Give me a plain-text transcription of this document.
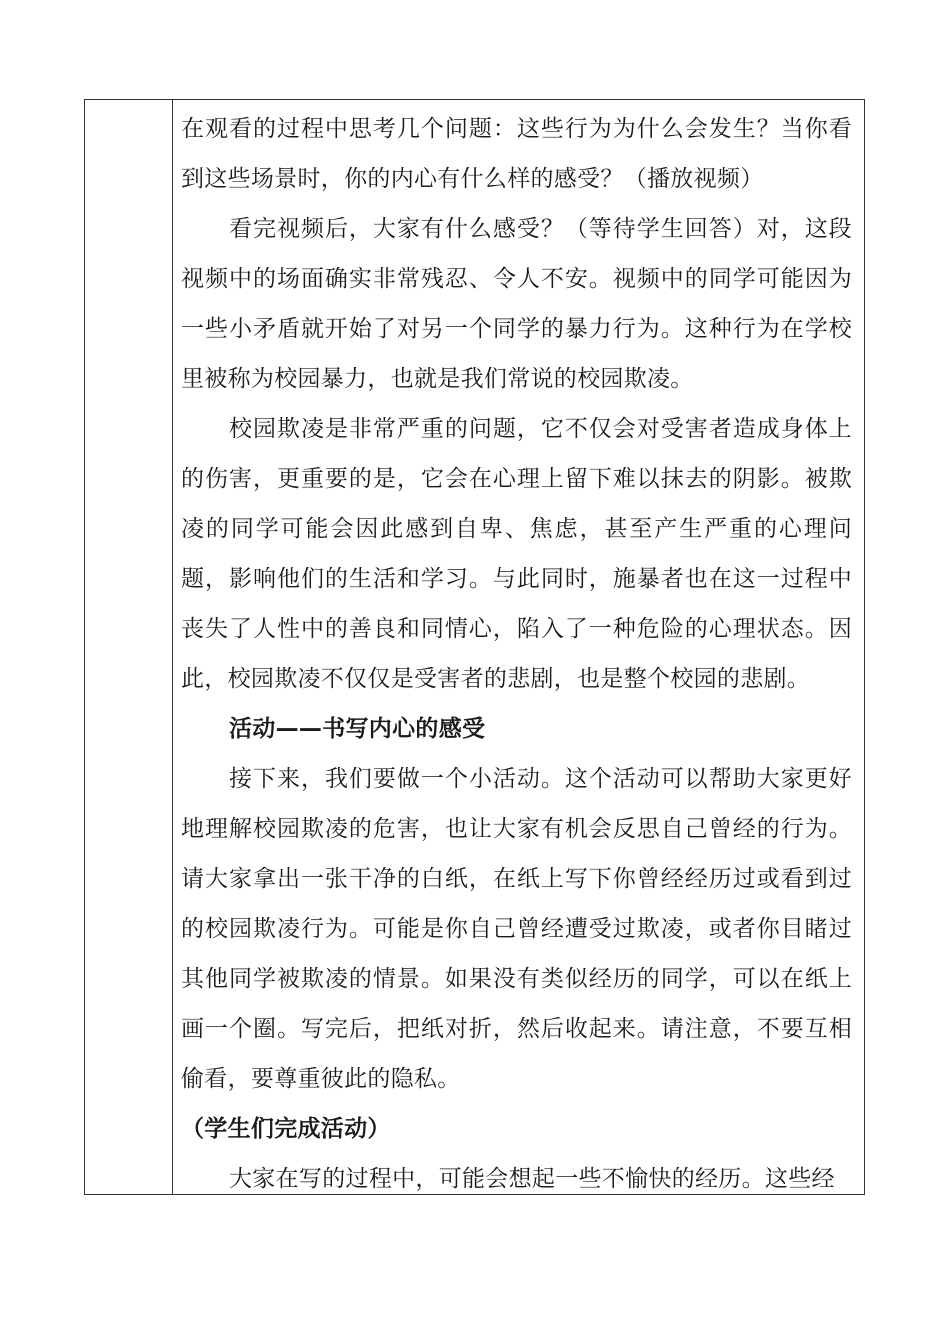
在观看的过程中思考几个问题：这些行为为什么会发生？当你看到这些场景时，你的内心有什么样的感受？（播放视频）

看完视频后，大家有什么感受？（等待学生回答）对，这段视频中的场面确实非常残忍、令人不安。视频中的同学可能因为一些小矛盾就开始了对另一个同学的暴力行为。这种行为在学校里被称为校园暴力，也就是我们常说的校园欺凌。

校园欺凌是非常严重的问题，它不仅会对受害者造成身体上的伤害，更重要的是，它会在心理上留下难以抹去的阴影。被欺凌的同学可能会因此感到自卑、焦虑，甚至产生严重的心理问题，影响他们的生活和学习。与此同时，施暴者也在这一过程中丧失了人性中的善良和同情心，陷入了一种危险的心理状态。因此，校园欺凌不仅仅是受害者的悲剧，也是整个校园的悲剧。

活动——书写内心的感受

接下来，我们要做一个小活动。这个活动可以帮助大家更好地理解校园欺凌的危害，也让大家有机会反思自己曾经的行为。请大家拿出一张干净的白纸，在纸上写下你曾经经历过或看到过的校园欺凌行为。可能是你自己曾经遭受过欺凌，或者你目睹过其他同学被欺凌的情景。如果没有类似经历的同学，可以在纸上画一个圈。写完后，把纸对折，然后收起来。请注意，不要互相偷看，要尊重彼此的隐私。

（学生们完成活动）

大家在写的过程中，可能会想起一些不愉快的经历。这些经
